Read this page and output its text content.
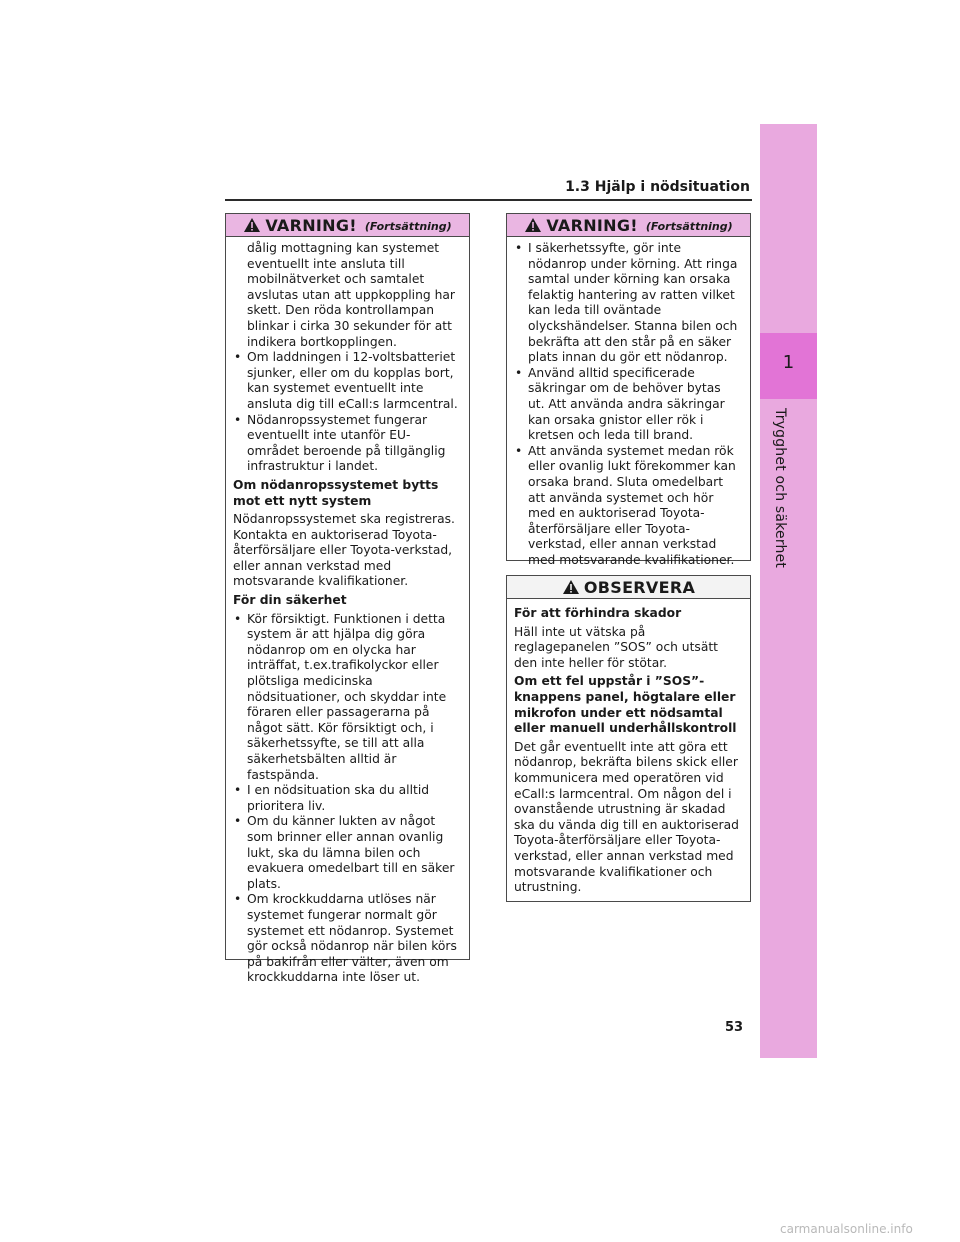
1.3 Hjälp i nödsituation
1
Trygghet och säkerhet
VARNING! (Fortsättning)

dålig mottagning kan systemet eventuellt inte ansluta till mobilnätverket och samtalet avslutas utan att uppkoppling har skett. Den röda kontrollampan blinkar i cirka 30 sekunder för att indikera bortkopplingen.

• Om laddningen i 12-voltsbatteriet sjunker, eller om du kopplas bort, kan systemet eventuellt inte ansluta dig till eCall:s larmcentral.
• Nödanropssystemet fungerar eventuellt inte utanför EU-området beroende på tillgänglig infrastruktur i landet.

Om nödanropssystemet bytts mot ett nytt system

Nödanropssystemet ska registreras. Kontakta en auktoriserad Toyota-återförsäljare eller Toyota-verkstad, eller annan verkstad med motsvarande kvalifikationer.

För din säkerhet

• Kör försiktigt. Funktionen i detta system är att hjälpa dig göra nödanrop om en olycka har inträffat, t.ex.trafikolyckor eller plötsliga medicinska nödsituationer, och skyddar inte föraren eller passagerarna på något sätt. Kör försiktigt och, i säkerhetssyfte, se till att alla säkerhetsbälten alltid är fastspända.
• I en nödsituation ska du alltid prioritera liv.
• Om du känner lukten av något som brinner eller annan ovanlig lukt, ska du lämna bilen och evakuera omedelbart till en säker plats.
• Om krockkuddarna utlöses när systemet fungerar normalt gör systemet ett nödanrop. Systemet gör också nödanrop när bilen körs på bakifrån eller välter, även om krockkuddarna inte löser ut.
VARNING! (Fortsättning)
• I säkerhetssyfte, gör inte nödanrop under körning. Att ringa samtal under körning kan orsaka felaktig hantering av ratten vilket kan leda till oväntade olyckshändelser. Stanna bilen och bekräfta att den står på en säker plats innan du gör ett nödanrop.
• Använd alltid specificerade säkringar om de behöver bytas ut. Att använda andra säkringar kan orsaka gnistor eller rök i kretsen och leda till brand.
• Att använda systemet medan rök eller ovanlig lukt förekommer kan orsaka brand. Sluta omedelbart att använda systemet och hör med en auktoriserad Toyota-återförsäljare eller Toyota-verkstad, eller annan verkstad med motsvarande kvalifikationer.
OBSERVERA

För att förhindra skador

Häll inte ut vätska på reglagepanelen ”SOS” och utsätt den inte heller för stötar.

Om ett fel uppstår i ”SOS”-knappens panel, högtalare eller mikrofon under ett nödsamtal eller manuell underhållskontroll

Det går eventuellt inte att göra ett nödanrop, bekräfta bilens skick eller kommunicera med operatören vid eCall:s larmcentral. Om någon del i ovanstående utrustning är skadad ska du vända dig till en auktoriserad Toyota-återförsäljare eller Toyota-verkstad, eller annan verkstad med motsvarande kvalifikationer och utrustning.

53
carmanualsonline.info
